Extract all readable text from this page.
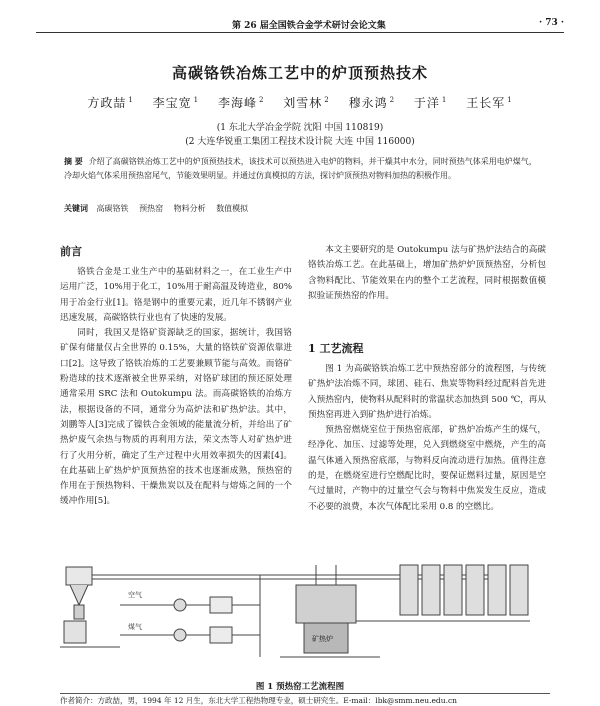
第 26 届全国铁合金学术研讨会论文集	· 73 ·
高碳铬铁冶炼工艺中的炉顶预热技术
方政喆 $^1$ 李宝宽 $^1$ 李海峰 $^2$ 刘雪林 $^2$ 穆永鸿 $^2$ 于洋 $^1$ 王长军 $^1$
(1 东北大学冶金学院 沈阳 中国 110819)
(2 大连华锐重工集团工程技术设计院 大连 中国 116000)
摘 要 介绍了高碳铬铁冶炼工艺中的炉顶预热技术，该技术可以预热进入电炉的物料，并干燥其中水分，同时预热气体采用电炉煤气，冷却火焰气体采用预热窑尾气，节能效果明显。并通过仿真模拟的方法，探讨炉顶预热对物料加热的积极作用。
关键词 高碳铬铁 预热窑 物料分析 数值模拟
前言

铬铁合金是工业生产中的基础材料之一，在工业生产中运用广泛，10%用于化工，10%用于耐高温及铸造业，80%用于冶金行业[1]。铬是钢中的重要元素，近几年不锈钢产业迅速发展，高碳铬铁行业也有了快速的发展。

同时，我国又是铬矿资源缺乏的国家，据统计，我国铬矿保有储量仅占全世界的 0.15%，大量的铬铁矿资源依靠进口[2]。这导致了铬铁冶炼的工艺要兼顾节能与高效。而铬矿粉造球的技术逐渐被全世界采纳，对铬矿球团的预还原处理通常采用 SRC 法和 Outokumpu 法。而高碳铬铁的冶炼方法，根据设备的不同，通常分为高炉法和矿热炉法。其中，刘鹏等人[3]完成了镍铁合金领域的能量流分析，并给出了矿热炉废气余热与物质的再利用方法，荣文杰等人对矿热炉进行了火用分析，确定了生产过程中火用效率损失的因素[4]。在此基础上矿热炉炉顶预热窑的技术也逐渐成熟，预热窑的作用在于预热物料、干燥焦炭以及在配料与熔炼之间的一个缓冲作用[5]。

本文主要研究的是 Outokumpu 法与矿热炉法结合的高碳铬铁冶炼工艺。在此基础上，增加矿热炉炉顶预热窑，分析包含物料配比、节能效果在内的整个工艺流程，同时根据数值模拟验证预热窑的作用。

1 工艺流程

图 1 为高碳铬铁冶炼工艺中预热窑部分的流程图，与传统矿热炉法冶炼不同，球团、硅石、焦炭等物料经过配料首先进入预热窑内，使物料从配料时的常温状态加热到 500 ℃，再从预热窑再进入到矿热炉进行冶炼。

预热窑燃烧室位于预热窑底部，矿热炉冶炼产生的煤气，经净化、加压、过滤等处理，兑入到燃烧室中燃烧，产生的高温气体通入预热窑底部，与物料反向流动进行加热。值得注意的是，在燃烧室进行空燃配比时，要保证燃料过量，原因是空气过量时，产物中的过量空气会与物料中焦炭发生反应，造成不必要的浪费，本次气体配比采用 0.8 的空燃比。

空气
煤气
矿热炉
图 1 预热窑工艺流程图
作者简介：方政喆，男，1994 年 12 月生，东北大学工程热物理专业，硕士研究生。E-mail：lbk@smm.neu.edu.cn
